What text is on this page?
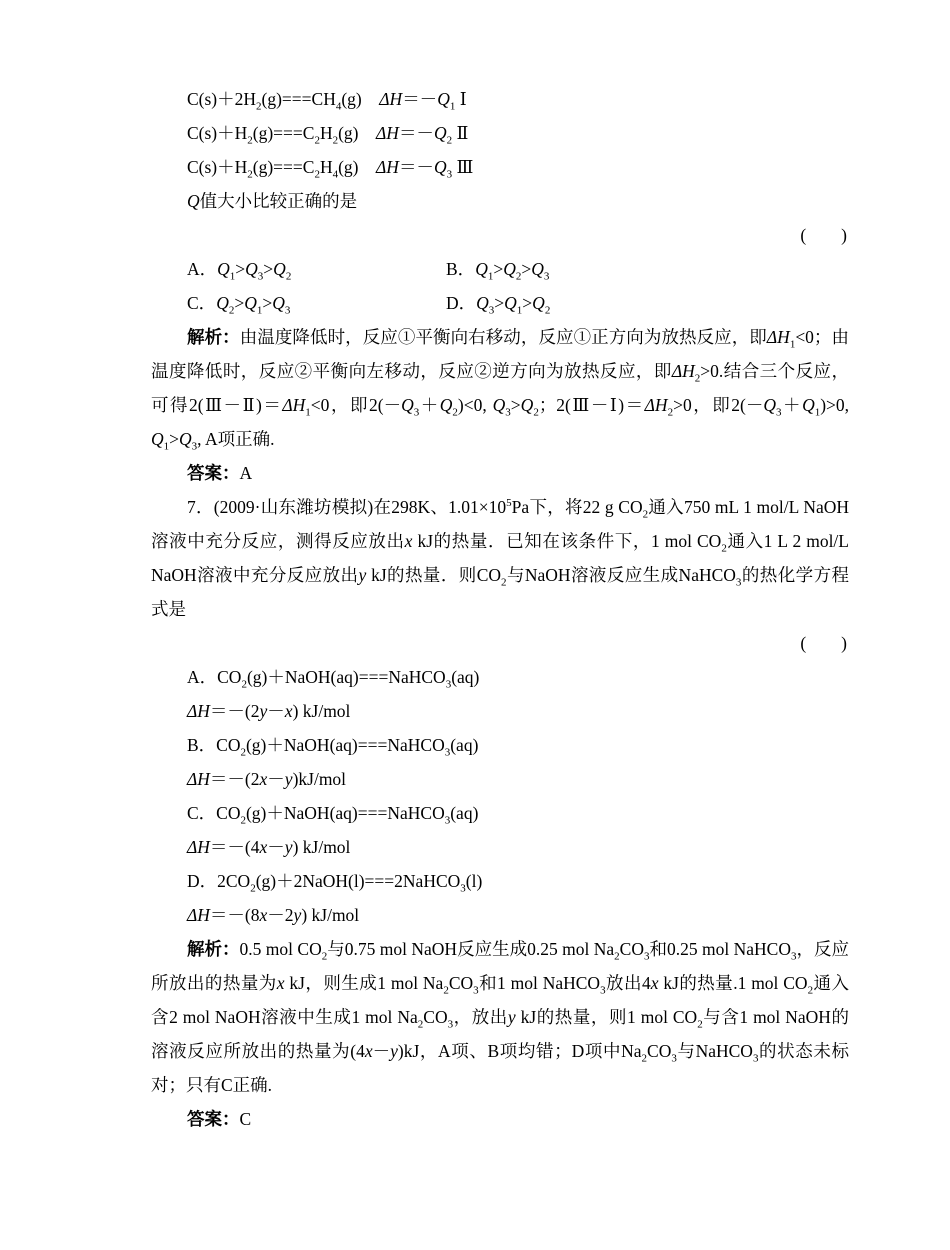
$C(s)+2H_2(g)===CH_4(g)$　$\Delta H=-Q_1$ Ⅰ
$C(s)+H_2(g)===C_2H_2(g)$　$\Delta H=-Q_2$ Ⅱ
$C(s)+H_2(g)===C_2H_4(g)$　$\Delta H=-Q_3$ Ⅲ
Q值大小比较正确的是
(　　)
A．$Q_1>Q_3>Q_2$	B．$Q_1>Q_2>Q_3$
C．$Q_2>Q_1>Q_3$	D．$Q_3>Q_1>Q_2$
解析：由温度降低时，反应①平衡向右移动，反应①正方向为放热反应，即$\Delta H_1<0$；由温度降低时，反应②平衡向左移动，反应②逆方向为放热反应，即$\Delta H_2>0$.结合三个反应，可得$2(Ⅲ-Ⅱ)=\Delta H_1<0$，即$2(-Q_3+Q_2)<0$, $Q_3>Q_2$；$2(Ⅲ-Ⅰ)=\Delta H_2>0$，即$2(-Q_3+Q_1)>0$, $Q_1>Q_3$, A项正确.
答案：A
7．(2009·山东潍坊模拟)在298K、$1.01\times 10^5Pa$下，将22 g $CO_2$通入750 mL 1 mol/L NaOH溶液中充分反应，测得反应放出x kJ的热量．已知在该条件下，1 mol $CO_2$通入1 L 2 mol/L NaOH溶液中充分反应放出y kJ的热量．则$CO_2$与NaOH溶液反应生成NaHCO$_3$的热化学方程式是
(　　)
A．$CO_2(g)+NaOH(aq)===NaHCO_3(aq)$
ΔH＝－(2y－x) kJ/mol
B．$CO_2(g)+NaOH(aq)===NaHCO_3(aq)$
ΔH＝－(2x－y)kJ/mol
C．$CO_2(g)+NaOH(aq)===NaHCO_3(aq)$
ΔH＝－(4x－y) kJ/mol
D．$2CO_2(g)+2NaOH(l)===2NaHCO_3(l)$
ΔH＝－(8x－2y) kJ/mol
解析：0.5 mol $CO_2$与0.75 mol NaOH反应生成0.25 mol $Na_2CO_3$和0.25 mol NaHCO$_3$，反应所放出的热量为x kJ，则生成1 mol $Na_2CO_3$和1 mol NaHCO$_3$放出4x kJ的热量.1 mol $CO_2$通入含2 mol NaOH溶液中生成1 mol $Na_2CO_3$，放出y kJ的热量，则1 mol $CO_2$与含1 mol NaOH的溶液反应所放出的热量为(4x－y)kJ，A项、B项均错；D项中$Na_2CO_3$与NaHCO$_3$的状态未标对；只有C正确.
答案：C
